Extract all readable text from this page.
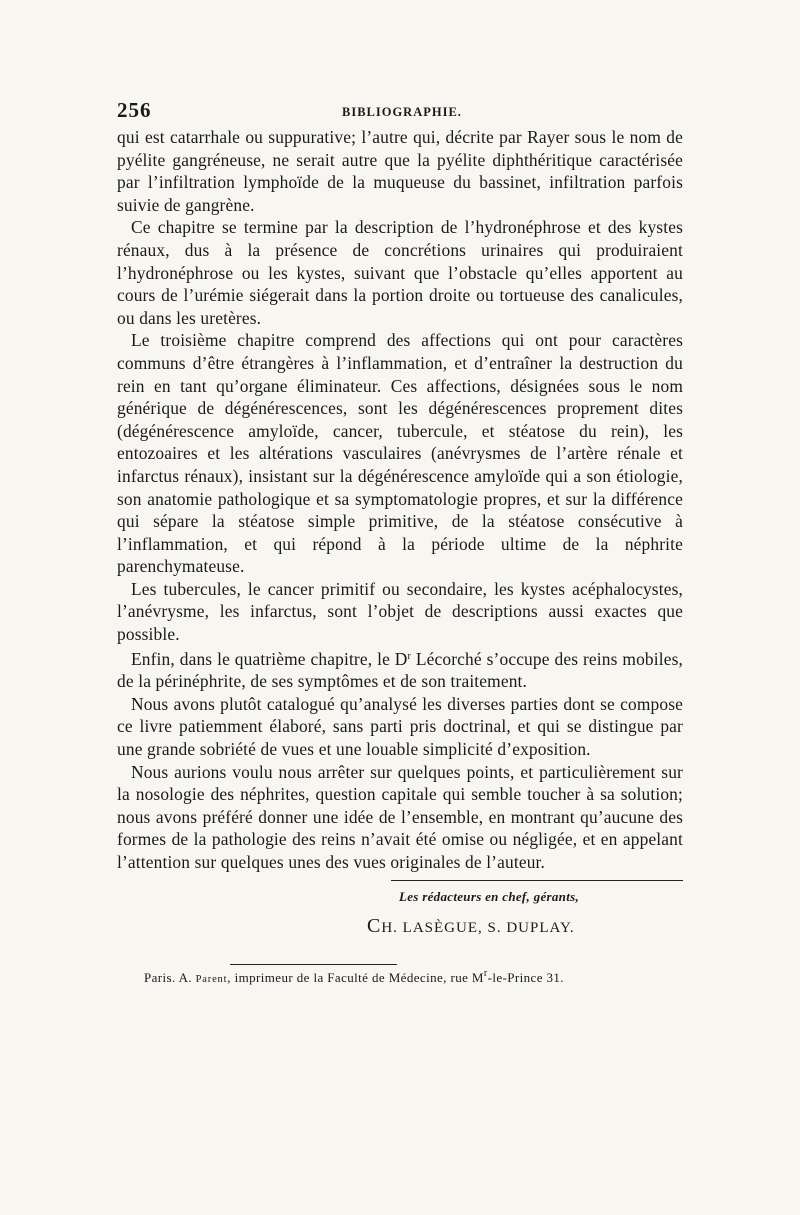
256	BIBLIOGRAPHIE.

qui est catarrhale ou suppurative; l’autre qui, décrite par Rayer sous le nom de pyélite gangréneuse, ne serait autre que la pyélite diphthéritique caractérisée par l’infiltration lymphoïde de la muqueuse du bassinet, infiltration parfois suivie de gangrène.

Ce chapitre se termine par la description de l’hydronéphrose et des kystes rénaux, dus à la présence de concrétions urinaires qui produiraient l’hydronéphrose ou les kystes, suivant que l’obstacle qu’elles apportent au cours de l’urémie siégerait dans la portion droite ou tortueuse des canalicules, ou dans les uretères.

Le troisième chapitre comprend des affections qui ont pour caractères communs d’être étrangères à l’inflammation, et d’entraîner la destruction du rein en tant qu’organe éliminateur. Ces affections, désignées sous le nom générique de dégénérescences, sont les dégénérescences proprement dites (dégénérescence amyloïde, cancer, tubercule, et stéatose du rein), les entozoaires et les altérations vasculaires (anévrysmes de l’artère rénale et infarctus rénaux), insistant sur la dégénérescence amyloïde qui a son étiologie, son anatomie pathologique et sa symptomatologie propres, et sur la différence qui sépare la stéatose simple primitive, de la stéatose consécutive à l’inflammation, et qui répond à la période ultime de la néphrite parenchymateuse.

Les tubercules, le cancer primitif ou secondaire, les kystes acéphalocystes, l’anévrysme, les infarctus, sont l’objet de descriptions aussi exactes que possible.

Enfin, dans le quatrième chapitre, le $D^r$ Lécorché s’occupe des reins mobiles, de la périnéphrite, de ses symptômes et de son traitement.

Nous avons plutôt catalogué qu’analysé les diverses parties dont se compose ce livre patiemment élaboré, sans parti pris doctrinal, et qui se distingue par une grande sobriété de vues et une louable simplicité d’exposition.

Nous aurions voulu nous arrêter sur quelques points, et particulièrement sur la nosologie des néphrites, question capitale qui semble toucher à sa solution; nous avons préféré donner une idée de l’ensemble, en montrant qu’aucune des formes de la pathologie des reins n’avait été omise ou négligée, et en appelant l’attention sur quelques unes des vues originales de l’auteur.

Les rédacteurs en chef, gérants,
CH. LASÈGUE, S. DUPLAY.
Paris. A. Parent, imprimeur de la Faculté de Médecine, rue $M^r-le$-Prince 31.
